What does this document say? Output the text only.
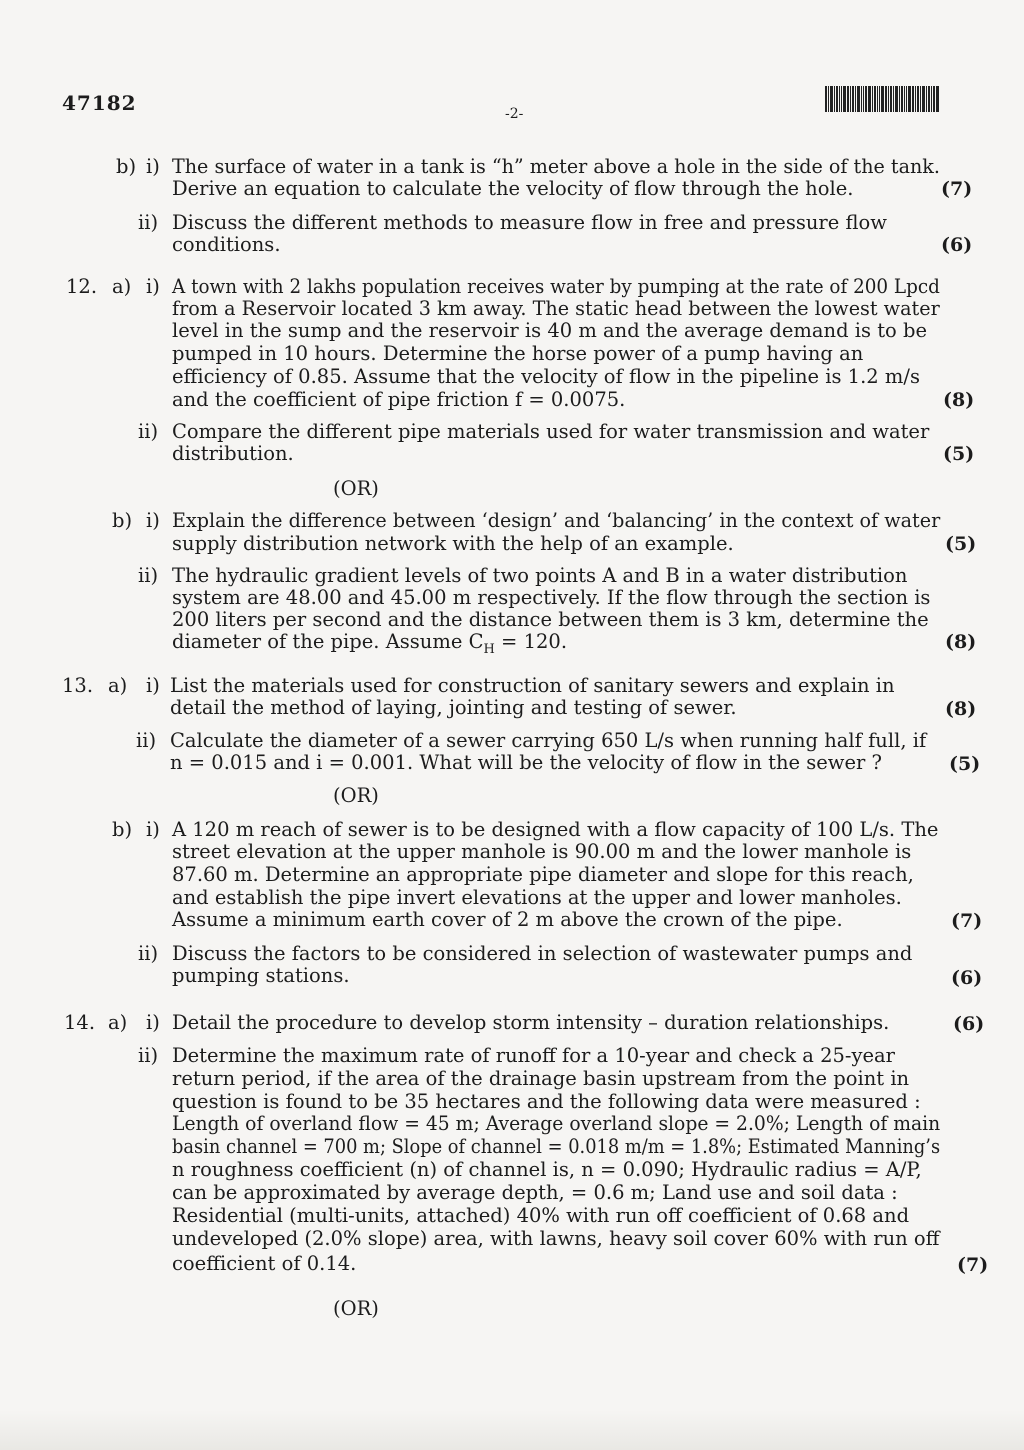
47182	-2-
b) i) The surface of water in a tank is “h” meter above a hole in the side of the tank.
Derive an equation to calculate the velocity of flow through the hole.	(7)
ii) Discuss the different methods to measure flow in free and pressure flow
conditions.	(6)
12. a) i) A town with 2 lakhs population receives water by pumping at the rate of 200 Lpcd
from a Reservoir located 3 km away. The static head between the lowest water
level in the sump and the reservoir is 40 m and the average demand is to be
pumped in 10 hours. Determine the horse power of a pump having an
efficiency of 0.85. Assume that the velocity of flow in the pipeline is 1.2 m/s
and the coefficient of pipe friction f = 0.0075.	(8)
ii) Compare the different pipe materials used for water transmission and water
distribution.	(5)
(OR)
b) i) Explain the difference between ‘design’ and ‘balancing’ in the context of water
supply distribution network with the help of an example.	(5)
ii) The hydraulic gradient levels of two points A and B in a water distribution
system are 48.00 and 45.00 m respectively. If the flow through the section is
200 liters per second and the distance between them is 3 km, determine the
diameter of the pipe. Assume $C_H = 120$.	(8)
13. a) i) List the materials used for construction of sanitary sewers and explain in
detail the method of laying, jointing and testing of sewer.	(8)
ii) Calculate the diameter of a sewer carrying 650 L/s when running half full, if
n = 0.015 and i = 0.001. What will be the velocity of flow in the sewer ?	(5)
(OR)
b) i) A 120 m reach of sewer is to be designed with a flow capacity of 100 L/s. The
street elevation at the upper manhole is 90.00 m and the lower manhole is
87.60 m. Determine an appropriate pipe diameter and slope for this reach,
and establish the pipe invert elevations at the upper and lower manholes.
Assume a minimum earth cover of 2 m above the crown of the pipe.	(7)
ii) Discuss the factors to be considered in selection of wastewater pumps and
pumping stations.	(6)
14. a) i) Detail the procedure to develop storm intensity – duration relationships.	(6)
ii) Determine the maximum rate of runoff for a 10-year and check a 25-year
return period, if the area of the drainage basin upstream from the point in
question is found to be 35 hectares and the following data were measured :
Length of overland flow = 45 m; Average overland slope = 2.0%; Length of main
basin channel = 700 m; Slope of channel = 0.018 m/m = 1.8%; Estimated Manning’s
n roughness coefficient (n) of channel is, n = 0.090; Hydraulic radius = A/P,
can be approximated by average depth, = 0.6 m; Land use and soil data :
Residential (multi-units, attached) 40% with run off coefficient of 0.68 and
undeveloped (2.0% slope) area, with lawns, heavy soil cover 60% with run off
coefficient of 0.14.	(7)
(OR)
